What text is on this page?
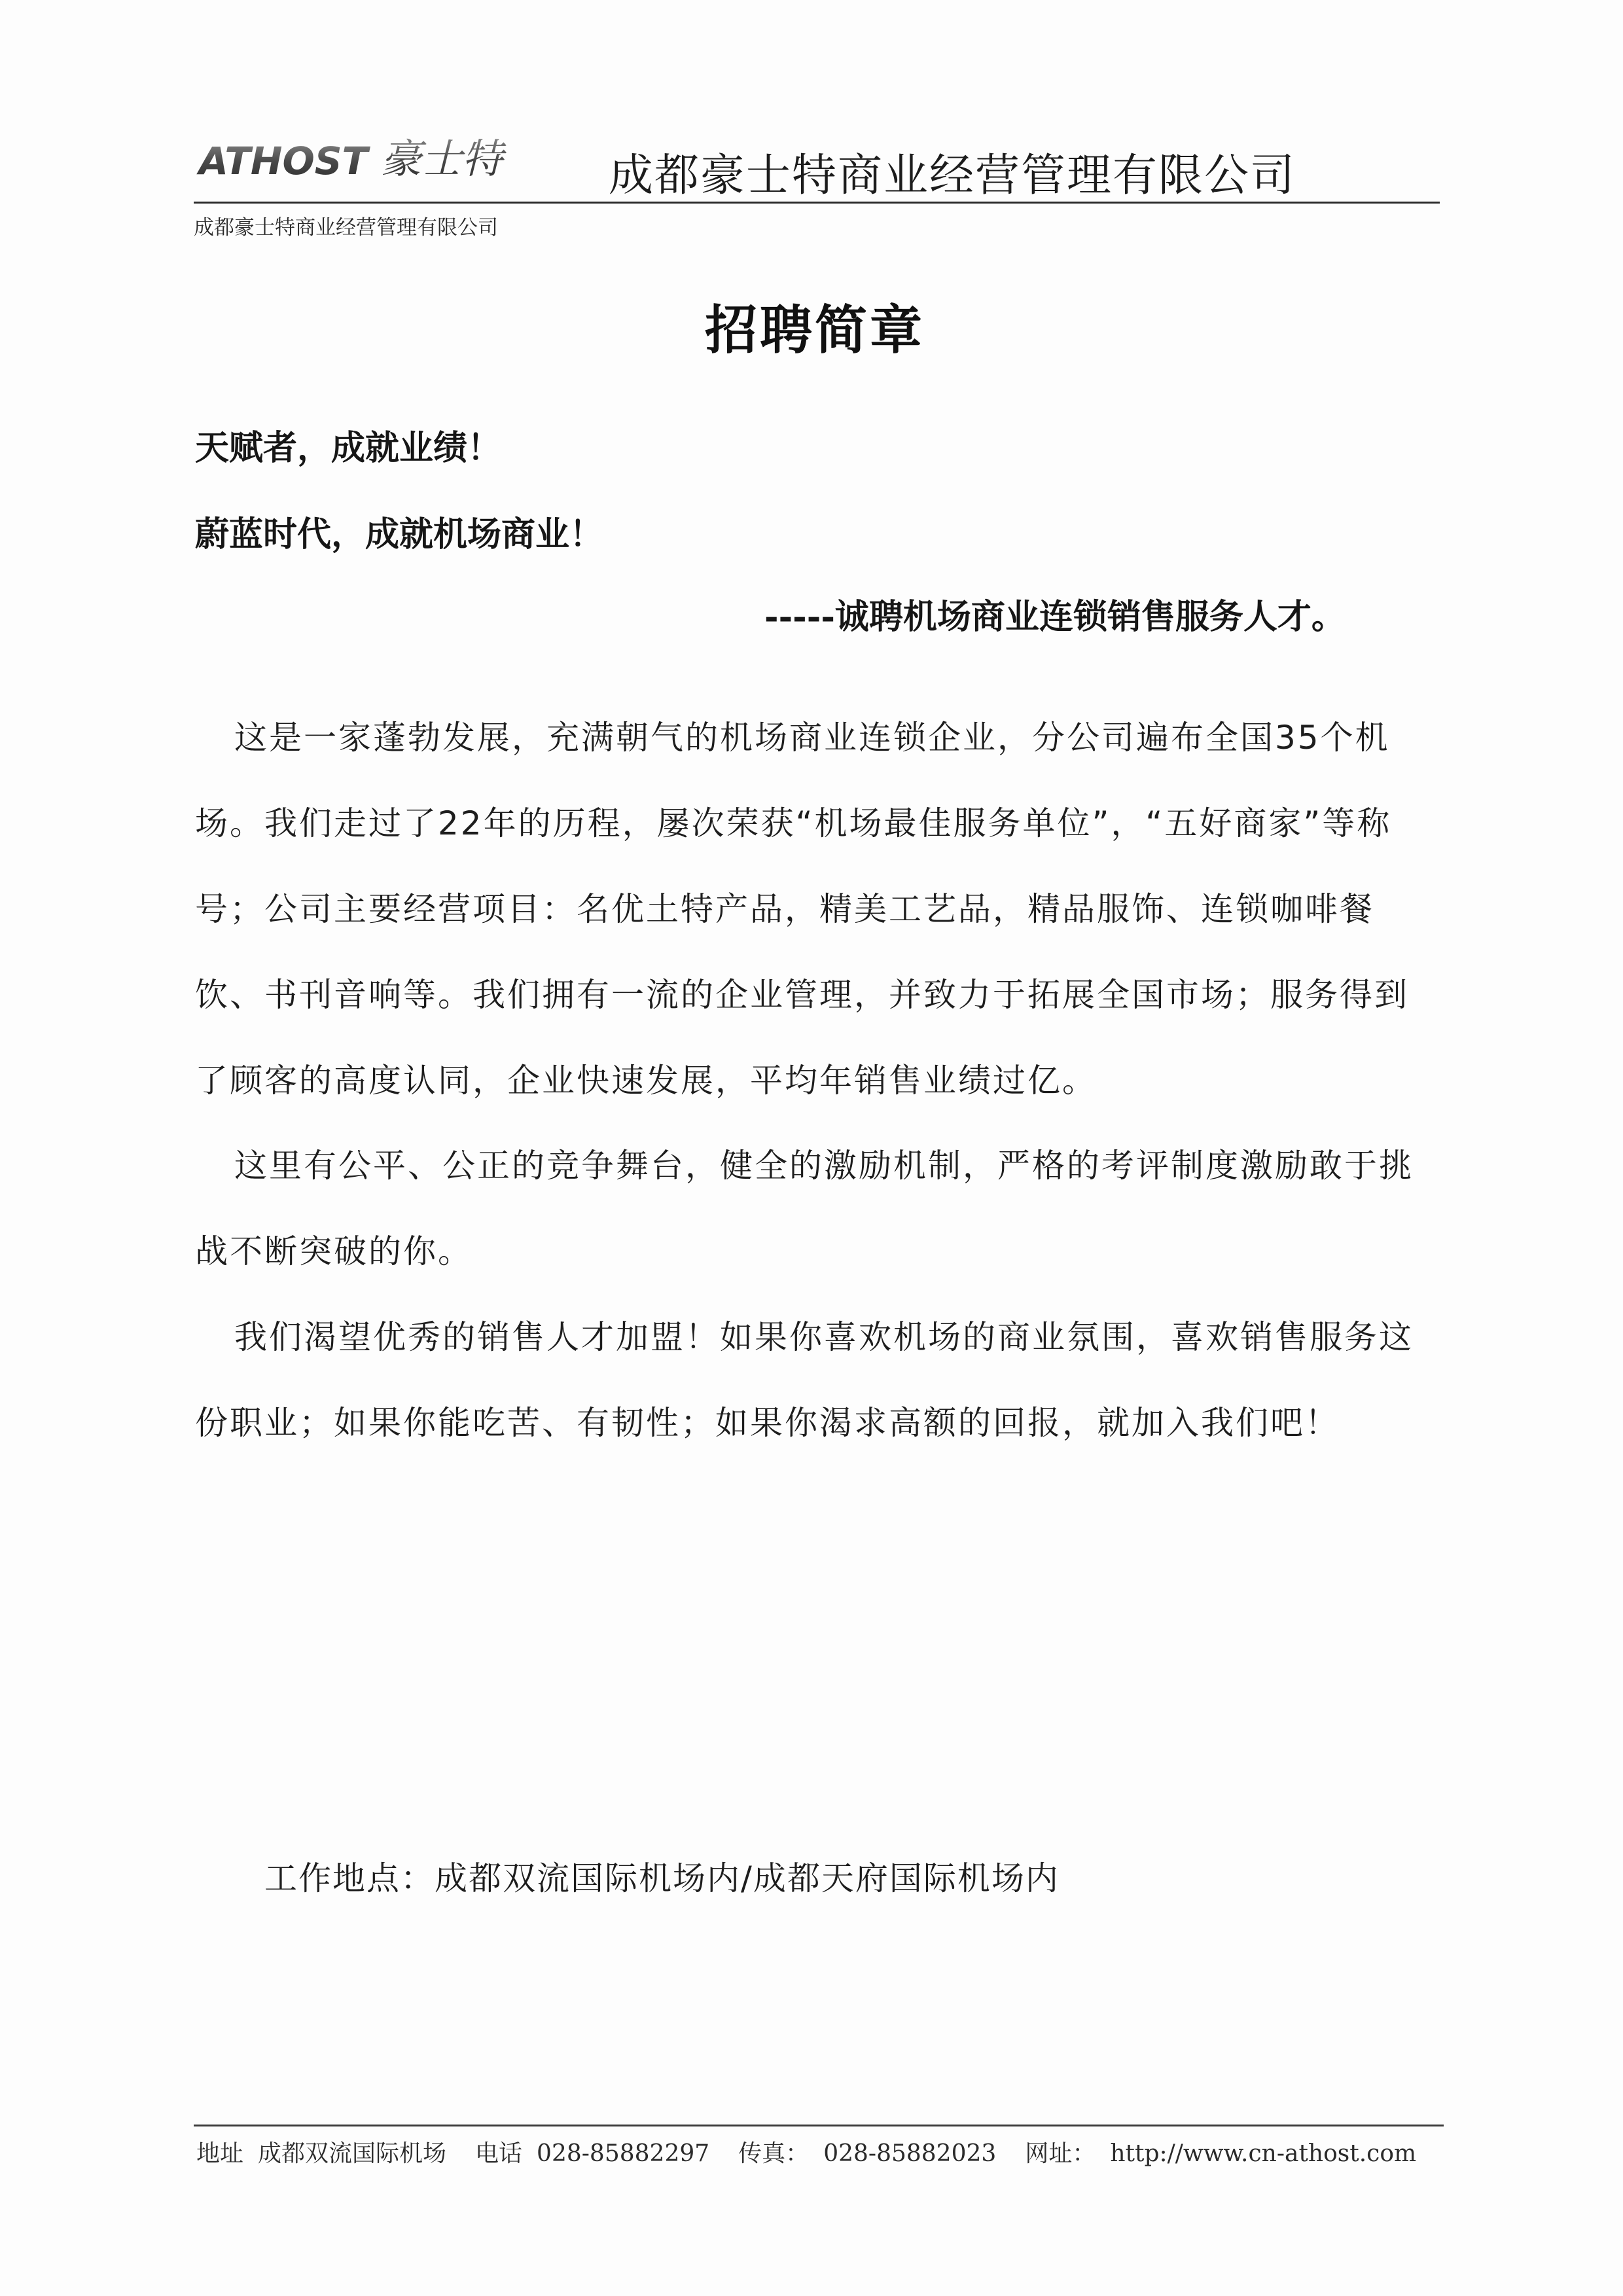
ATHOST 豪士特 成都豪士特商业经营管理有限公司
成都豪士特商业经营管理有限公司
招聘简章
天赋者，成就业绩！
蔚蓝时代，成就机场商业！
-----诚聘机场商业连锁销售服务人才。

这是一家蓬勃发展，充满朝气的机场商业连锁企业，分公司遍布全国35个机场。我们走过了22年的历程，屡次荣获“机场最佳服务单位”，“五好商家”等称号；公司主要经营项目：名优土特产品，精美工艺品，精品服饰、连锁咖啡餐饮、书刊音响等。我们拥有一流的企业管理，并致力于拓展全国市场；服务得到了顾客的高度认同，企业快速发展，平均年销售业绩过亿。

这里有公平、公正的竞争舞台，健全的激励机制，严格的考评制度激励敢于挑战不断突破的你。

我们渴望优秀的销售人才加盟！如果你喜欢机场的商业氛围，喜欢销售服务这份职业；如果你能吃苦、有韧性；如果你渴求高额的回报，就加入我们吧！

工作地点：成都双流国际机场内/成都天府国际机场内
地址 成都双流国际机场 电话 028-85882297 传真： 028-85882023 网址： http://www.cn-athost.com
